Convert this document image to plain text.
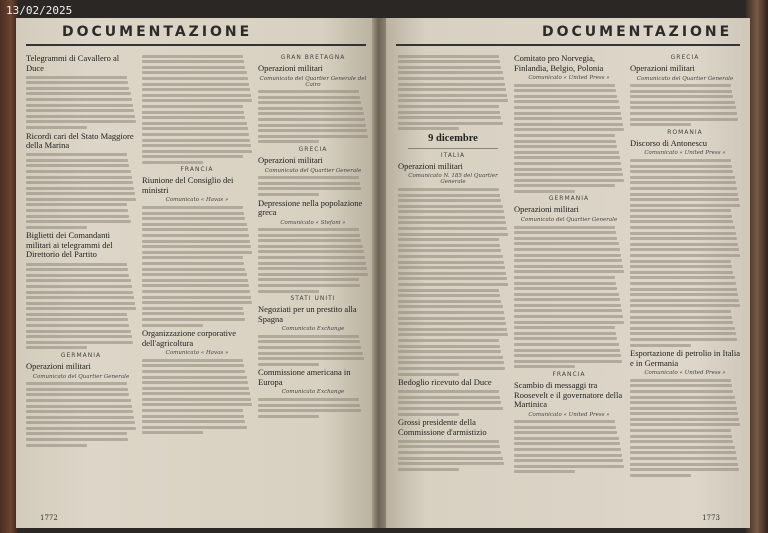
13/02/2025
DOCUMENTAZIONE
Telegrammi di Cavallero al Duce
Ricordi cari del Stato Maggiore della Marina
Biglietti dei Comandanti militari ai telegrammi del Direttorio del Partito
GERMANIA
Operazioni militari
Comunicato del Quartier Generale
FRANCIA
Riunione del Consiglio dei ministri
Comunicato « Havas »
Organizzazione corporative dell'agricoltura
Comunicato « Havas »
GRAN BRETAGNA
Operazioni militari
Comunicato del Quartier Generale del Cairo
GRECIA
Operazioni militari
Comunicato del Quartier Generale
Depressione nella popolazione greca
Comunicato « Stefani »
STATI UNITI
Negoziati per un prestito alla Spagna
Comunicato Exchange
Commissione americana in Europa
Comunicato Exchange
1772
DOCUMENTAZIONE
9 dicembre
ITALIA
Operazioni militari
Comunicato N. 185 del Quartier Generale
Bedoglio ricevuto dal Duce
Grossi presidente della Commissione d'armistizio
Comitato pro Norvegia, Finlandia, Belgio, Polonia
Comunicato « United Press »
GERMANIA
Operazioni militari
Comunicato del Quartier Generale
FRANCIA
Scambio di messaggi tra Roosevelt e il governatore della Martinica
Comunicato « United Press »
GRECIA
Operazioni militari
Comunicato del Quartier Generale
ROMANIA
Discorso di Antonescu
Comunicato « United Press »
Esportazione di petrolio in Italia e in Germania
Comunicato « United Press »
1773
